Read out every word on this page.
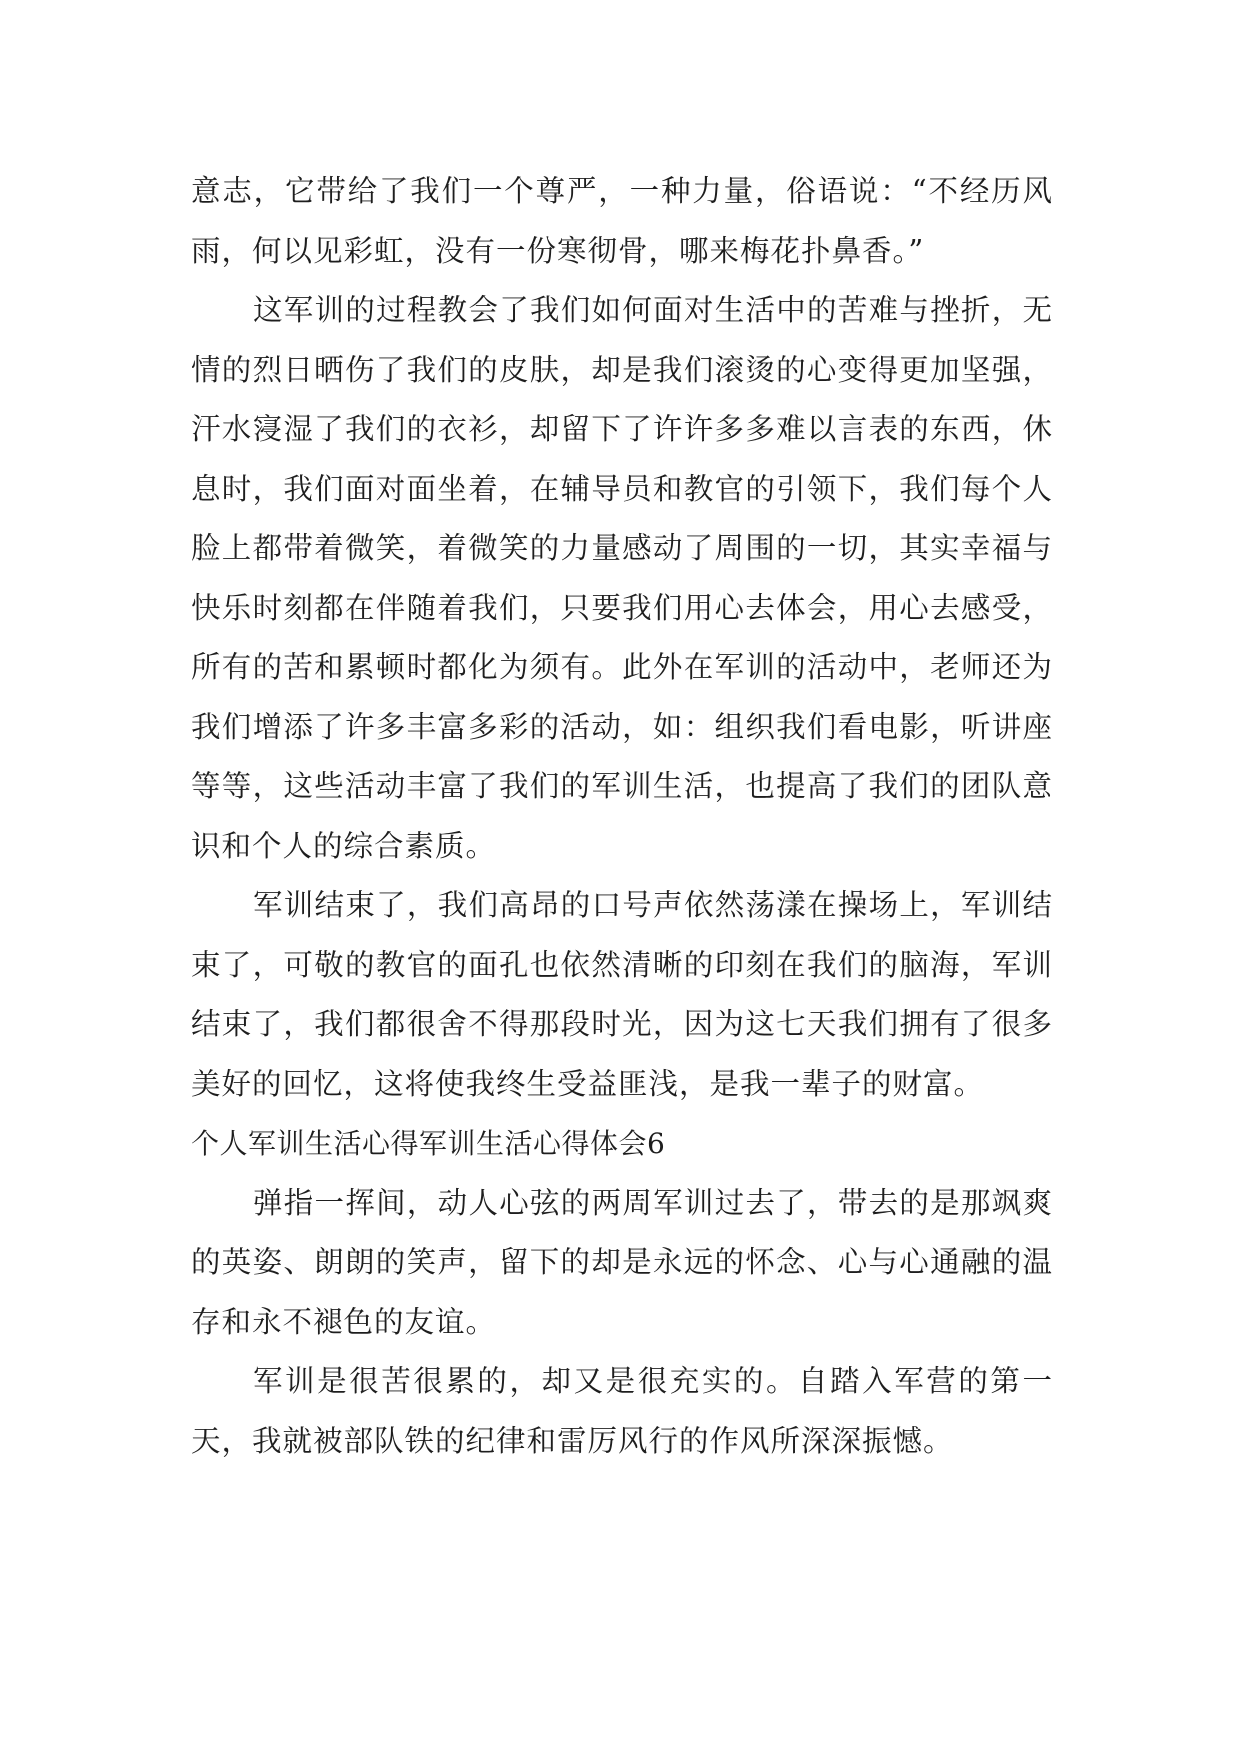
意志，它带给了我们一个尊严，一种力量，俗语说：“不经历风雨，何以见彩虹，没有一份寒彻骨，哪来梅花扑鼻香。”

这军训的过程教会了我们如何面对生活中的苦难与挫折，无情的烈日晒伤了我们的皮肤，却是我们滚烫的心变得更加坚强，汗水寖湿了我们的衣衫，却留下了许许多多难以言表的东西，休息时，我们面对面坐着，在辅导员和教官的引领下，我们每个人脸上都带着微笑，着微笑的力量感动了周围的一切，其实幸福与快乐时刻都在伴随着我们，只要我们用心去体会，用心去感受，所有的苦和累顿时都化为须有。此外在军训的活动中，老师还为我们增添了许多丰富多彩的活动，如：组织我们看电影，听讲座等等，这些活动丰富了我们的军训生活，也提高了我们的团队意识和个人的综合素质。

军训结束了，我们高昂的口号声依然荡漾在操场上，军训结束了，可敬的教官的面孔也依然清晰的印刻在我们的脑海，军训结束了，我们都很舍不得那段时光，因为这七天我们拥有了很多美好的回忆，这将使我终生受益匪浅，是我一辈子的财富。

个人军训生活心得军训生活心得体会6

弹指一挥间，动人心弦的两周军训过去了，带去的是那飒爽的英姿、朗朗的笑声，留下的却是永远的怀念、心与心通融的温存和永不褪色的友谊。

军训是很苦很累的，却又是很充实的。自踏入军营的第一天，我就被部队铁的纪律和雷厉风行的作风所深深振憾。
